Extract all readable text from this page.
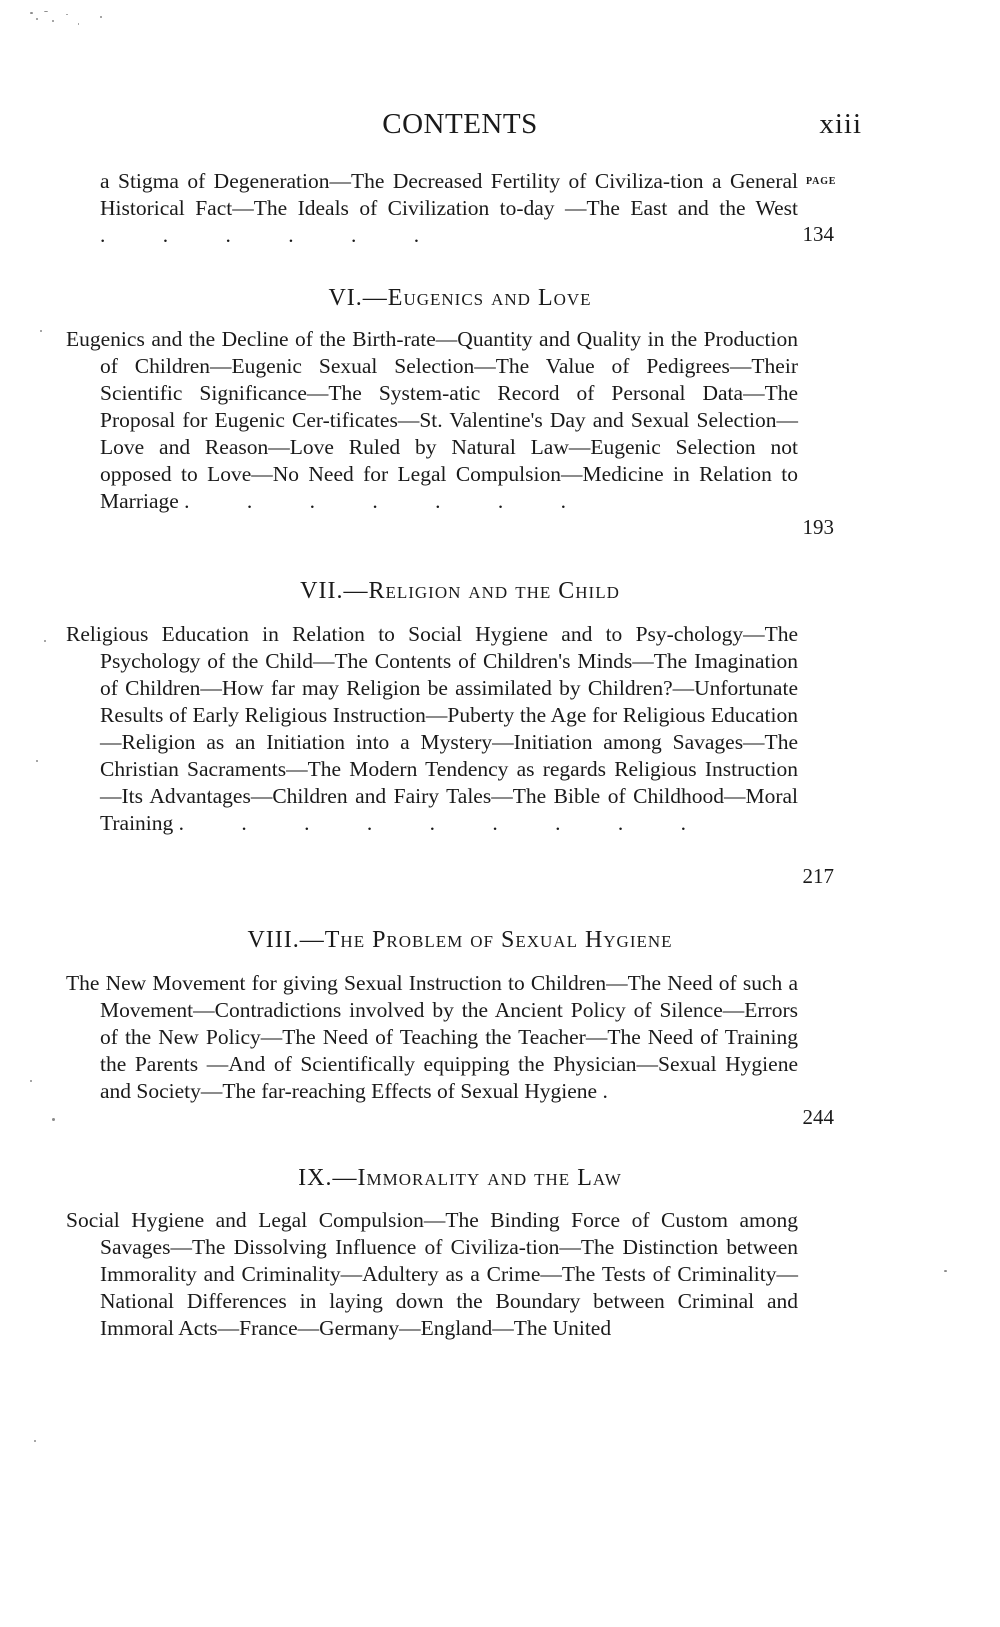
CONTENTS	xiii
PAGE
a Stigma of Degeneration—The Decreased Fertility of Civiliza-tion a General Historical Fact—The Ideals of Civilization to-day —The East and the West . . . . . .	134
VI.—Eugenics and Love
Eugenics and the Decline of the Birth-rate—Quantity and Quality in the Production of Children—Eugenic Sexual Selection—The Value of Pedigrees—Their Scientific Significance—The System-atic Record of Personal Data—The Proposal for Eugenic Cer-tificates—St. Valentine's Day and Sexual Selection—Love and Reason—Love Ruled by Natural Law—Eugenic Selection not opposed to Love—No Need for Legal Compulsion—Medicine in Relation to Marriage . . . . . . .
193
VII.—Religion and the Child
Religious Education in Relation to Social Hygiene and to Psy-chology—The Psychology of the Child—The Contents of Children's Minds—The Imagination of Children—How far may Religion be assimilated by Children?—Unfortunate Results of Early Religious Instruction—Puberty the Age for Religious Education—Religion as an Initiation into a Mystery—Initiation among Savages—The Christian Sacraments—The Modern Tendency as regards Religious Instruction—Its Advantages—Children and Fairy Tales—The Bible of Childhood—Moral Training . . . . . . . . .
217
VIII.—The Problem of Sexual Hygiene
The New Movement for giving Sexual Instruction to Children—The Need of such a Movement—Contradictions involved by the Ancient Policy of Silence—Errors of the New Policy—The Need of Teaching the Teacher—The Need of Training the Parents —And of Scientifically equipping the Physician—Sexual Hygiene and Society—The far-reaching Effects of Sexual Hygiene .
244
IX.—Immorality and the Law
Social Hygiene and Legal Compulsion—The Binding Force of Custom among Savages—The Dissolving Influence of Civiliza-tion—The Distinction between Immorality and Criminality—Adultery as a Crime—The Tests of Criminality—National Differences in laying down the Boundary between Criminal and Immoral Acts—France—Germany—England—The United
